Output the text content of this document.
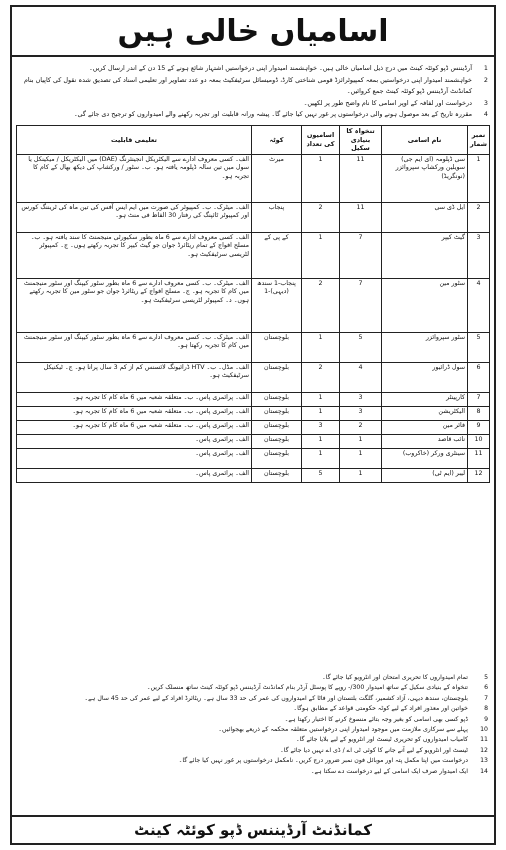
اسامیاں خالی ہیں
1
آرڈیننس ڈپو کوئٹہ کینٹ میں درج ذیل اسامیاں خالی ہیں۔ خواہشمند امیدوار اپنی درخواستیں اشتہار شائع ہونے کے 15 دن کے اندر ارسال کریں۔
2
خواہشمند امیدوار اپنی درخواستیں بمعہ کمپیوٹرائزڈ قومی شناختی کارڈ، ڈومیسائل سرٹیفکیٹ بمعہ دو عدد تصاویر اور تعلیمی اسناد کی تصدیق شدہ نقول کی کاپیاں بنام کمانڈنٹ آرڈیننس ڈپو کوئٹہ کینٹ جمع کروائیں۔
3
درخواست اور لفافہ کے اوپر اسامی کا نام واضح طور پر لکھیں۔
4
مقررہ تاریخ کے بعد موصول ہونے والی درخواستوں پر غور نہیں کیا جائے گا۔ پیشہ ورانہ قابلیت اور تجربہ رکھنے والے امیدواروں کو ترجیح دی جائے گی۔
نمبر شمار	نام اسامی	تنخواہ کا بنیادی سکیل	اسامیوں کی تعداد	کوٹہ	تعلیمی قابلیت
1	سی ڈپلومہ (ای ایم جی) سویلین ورکشاپ سپروائزر (نونگریڈ)	11	1	میرٹ	الف۔ کسی معروف ادارے سے الیکٹریکل انجینئرنگ (DAE) میں الیکٹریکل / میکینکل یا سول میں تین سالہ ڈپلومہ یافتہ ہو۔ ب۔ سٹور / ورکشاپ کی دیکھ بھال کے کام کا تجربہ ہو۔
2	ایل ڈی سی	11	2	پنجاب	الف۔ میٹرک۔ ب۔ کمپیوٹر کی صورت میں ایم ایس آفس کی تین ماہ کی ٹریننگ کورس اور کمپیوٹر ٹائپنگ کی رفتار 30 الفاظ فی منٹ ہو۔
3	گیٹ کیپر	7	1	کے پی کے	الف۔ کسی معروف ادارے سے 6 ماہ بطور سکیورٹی منیجمنٹ کا سند یافتہ ہو۔ ب۔ مسلح افواج کے تمام ریٹائرڈ جوان جو گیٹ کیپر کا تجربہ رکھتے ہوں۔ ج۔ کمپیوٹر لٹریسی سرٹیفکیٹ ہو۔
4	سٹور مین	7	2	پنجاب-1 سندھ (دیہی)-1	الف۔ میٹرک۔ ب۔ کسی معروف ادارے سے 6 ماہ بطور سٹور کیپنگ اور سٹور منیجمنٹ میں کام کا تجربہ ہو۔ ج۔ مسلح افواج کے ریٹائرڈ جوان جو سٹور مین کا تجربہ رکھتے ہوں۔ د۔ کمپیوٹر لٹریسی سرٹیفکیٹ ہو۔
5	سٹور سپروائزر	5	1	بلوچستان	الف۔ میٹرک۔ ب۔ کسی معروف ادارے سے 6 ماہ بطور سٹور کیپنگ اور سٹور منیجمنٹ میں کام کا تجربہ رکھتا ہو۔
6	سول ڈرائیور	4	2	بلوچستان	الف۔ مڈل۔ ب۔ HTV ڈرائیونگ لائسنس کم از کم 3 سال پرانا ہو۔ ج۔ ٹیکنیکل سرٹیفکیٹ ہو۔
7	کارپینٹر	3	1	بلوچستان	الف۔ پرائمری پاس۔ ب۔ متعلقہ شعبہ میں 6 ماہ کام کا تجربہ ہو۔
8	الیکٹریشن	3	1	بلوچستان	الف۔ پرائمری پاس۔ ب۔ متعلقہ شعبہ میں 6 ماہ کام کا تجربہ ہو۔
9	فائر مین	2	3	بلوچستان	الف۔ پرائمری پاس۔ ب۔ متعلقہ شعبہ میں 6 ماہ کام کا تجربہ ہو۔
10	نائب قاصد	1	1	بلوچستان	الف۔ پرائمری پاس۔
11	سینٹری ورکر (خاکروب)	1	1	بلوچستان	الف۔ پرائمری پاس۔
12	لیبر (ایم ٹی)	1	5	بلوچستان	الف۔ پرائمری پاس۔
5
تمام امیدواروں کا تحریری امتحان اور انٹرویو کیا جائے گا۔
6
تنخواہ کے بنیادی سکیل کے ساتھ امیدوار 300/- روپے کا پوسٹل آرڈر بنام کمانڈنٹ آرڈیننس ڈپو کوئٹہ کینٹ ساتھ منسلک کریں۔
7
بلوچستان، سندھ دیہی، آزاد کشمیر، گلگت بلتستان اور فاٹا کے امیدواروں کی عمر کی حد 33 سال ہے۔ ریٹائرڈ افراد کے لیے عمر کی حد 45 سال ہے۔
8
خواتین اور معذور افراد کے لیے کوٹہ حکومتی قواعد کے مطابق ہوگا۔
9
ڈپو کسی بھی اسامی کو بغیر وجہ بتائے منسوخ کرنے کا اختیار رکھتا ہے۔
10
پہلے سے سرکاری ملازمت میں موجود امیدوار اپنی درخواستیں متعلقہ محکمہ کے ذریعے بھجوائیں۔
11
کامیاب امیدواروں کو تحریری ٹیسٹ اور انٹرویو کے لیے بلایا جائے گا۔
12
ٹیسٹ اور انٹرویو کے لیے آنے جانے کا کوئی ٹی اے / ڈی اے نہیں دیا جائے گا۔
13
درخواست میں اپنا مکمل پتہ اور موبائل فون نمبر ضرور درج کریں۔ نامکمل درخواستوں پر غور نہیں کیا جائے گا۔
14
ایک امیدوار صرف ایک اسامی کے لیے درخواست دے سکتا ہے۔
کمانڈنٹ آرڈیننس ڈپو کوئٹہ کینٹ
